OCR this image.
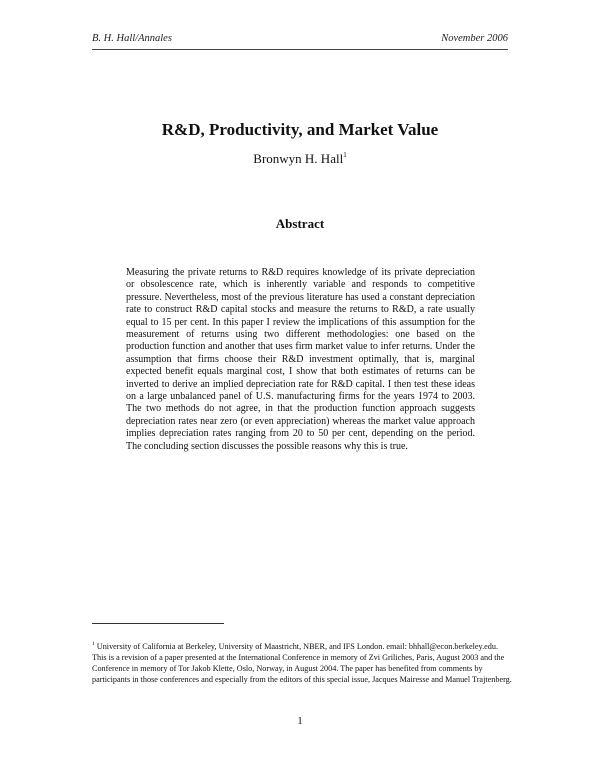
B. H. Hall/Annales	November 2006
R&D, Productivity, and Market Value
Bronwyn H. Hall$^1$
Abstract
Measuring the private returns to R&D requires knowledge of its private depreciation or obsolescence rate, which is inherently variable and responds to competitive pressure. Nevertheless, most of the previous literature has used a constant depreciation rate to construct R&D capital stocks and measure the returns to R&D, a rate usually equal to 15 per cent. In this paper I review the implications of this assumption for the measurement of returns using two different methodologies: one based on the production function and another that uses firm market value to infer returns. Under the assumption that firms choose their R&D investment optimally, that is, marginal expected benefit equals marginal cost, I show that both estimates of returns can be inverted to derive an implied depreciation rate for R&D capital. I then test these ideas on a large unbalanced panel of U.S. manufacturing firms for the years 1974 to 2003. The two methods do not agree, in that the production function approach suggests depreciation rates near zero (or even appreciation) whereas the market value approach implies depreciation rates ranging from 20 to 50 per cent, depending on the period. The concluding section discusses the possible reasons why this is true.
$^1$ University of California at Berkeley, University of Maastricht, NBER, and IFS London. email: bhhall@econ.berkeley.edu. This is a revision of a paper presented at the International Conference in memory of Zvi Griliches, Paris, August 2003 and the Conference in memory of Tor Jakob Klette, Oslo, Norway, in August 2004. The paper has benefited from comments by participants in those conferences and especially from the editors of this special issue, Jacques Mairesse and Manuel Trajtenberg.
1
